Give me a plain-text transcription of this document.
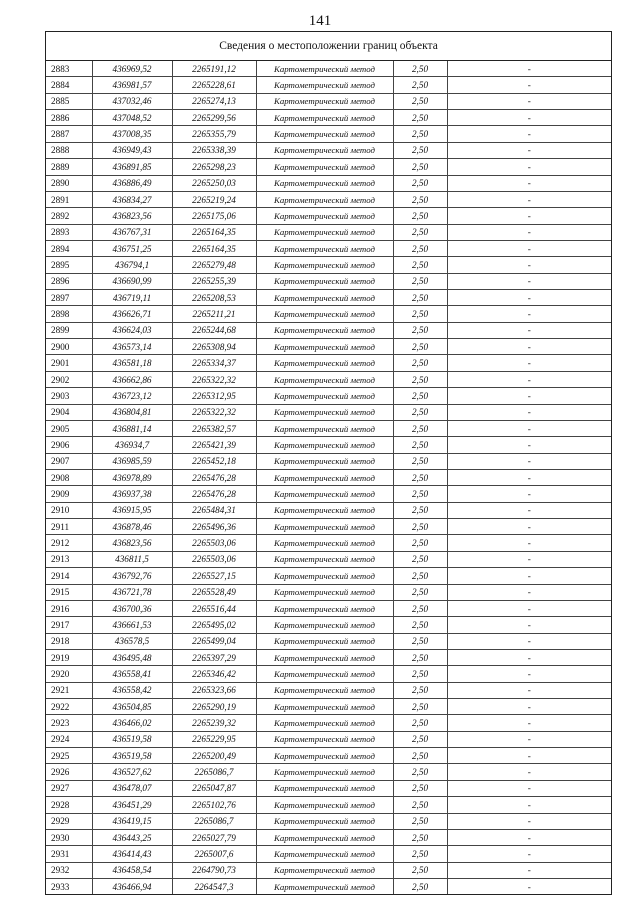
141
Сведения о местоположении границ объекта
2883	436969,52	2265191,12	Картометрический метод	2,50	-
2884	436981,57	2265228,61	Картометрический метод	2,50	-
2885	437032,46	2265274,13	Картометрический метод	2,50	-
2886	437048,52	2265299,56	Картометрический метод	2,50	-
2887	437008,35	2265355,79	Картометрический метод	2,50	-
2888	436949,43	2265338,39	Картометрический метод	2,50	-
2889	436891,85	2265298,23	Картометрический метод	2,50	-
2890	436886,49	2265250,03	Картометрический метод	2,50	-
2891	436834,27	2265219,24	Картометрический метод	2,50	-
2892	436823,56	2265175,06	Картометрический метод	2,50	-
2893	436767,31	2265164,35	Картометрический метод	2,50	-
2894	436751,25	2265164,35	Картометрический метод	2,50	-
2895	436794,1	2265279,48	Картометрический метод	2,50	-
2896	436690,99	2265255,39	Картометрический метод	2,50	-
2897	436719,11	2265208,53	Картометрический метод	2,50	-
2898	436626,71	2265211,21	Картометрический метод	2,50	-
2899	436624,03	2265244,68	Картометрический метод	2,50	-
2900	436573,14	2265308,94	Картометрический метод	2,50	-
2901	436581,18	2265334,37	Картометрический метод	2,50	-
2902	436662,86	2265322,32	Картометрический метод	2,50	-
2903	436723,12	2265312,95	Картометрический метод	2,50	-
2904	436804,81	2265322,32	Картометрический метод	2,50	-
2905	436881,14	2265382,57	Картометрический метод	2,50	-
2906	436934,7	2265421,39	Картометрический метод	2,50	-
2907	436985,59	2265452,18	Картометрический метод	2,50	-
2908	436978,89	2265476,28	Картометрический метод	2,50	-
2909	436937,38	2265476,28	Картометрический метод	2,50	-
2910	436915,95	2265484,31	Картометрический метод	2,50	-
2911	436878,46	2265496,36	Картометрический метод	2,50	-
2912	436823,56	2265503,06	Картометрический метод	2,50	-
2913	436811,5	2265503,06	Картометрический метод	2,50	-
2914	436792,76	2265527,15	Картометрический метод	2,50	-
2915	436721,78	2265528,49	Картометрический метод	2,50	-
2916	436700,36	2265516,44	Картометрический метод	2,50	-
2917	436661,53	2265495,02	Картометрический метод	2,50	-
2918	436578,5	2265499,04	Картометрический метод	2,50	-
2919	436495,48	2265397,29	Картометрический метод	2,50	-
2920	436558,41	2265346,42	Картометрический метод	2,50	-
2921	436558,42	2265323,66	Картометрический метод	2,50	-
2922	436504,85	2265290,19	Картометрический метод	2,50	-
2923	436466,02	2265239,32	Картометрический метод	2,50	-
2924	436519,58	2265229,95	Картометрический метод	2,50	-
2925	436519,58	2265200,49	Картометрический метод	2,50	-
2926	436527,62	2265086,7	Картометрический метод	2,50	-
2927	436478,07	2265047,87	Картометрический метод	2,50	-
2928	436451,29	2265102,76	Картометрический метод	2,50	-
2929	436419,15	2265086,7	Картометрический метод	2,50	-
2930	436443,25	2265027,79	Картометрический метод	2,50	-
2931	436414,43	2265007,6	Картометрический метод	2,50	-
2932	436458,54	2264790,73	Картометрический метод	2,50	-
2933	436466,94	2264547,3	Картометрический метод	2,50	-
